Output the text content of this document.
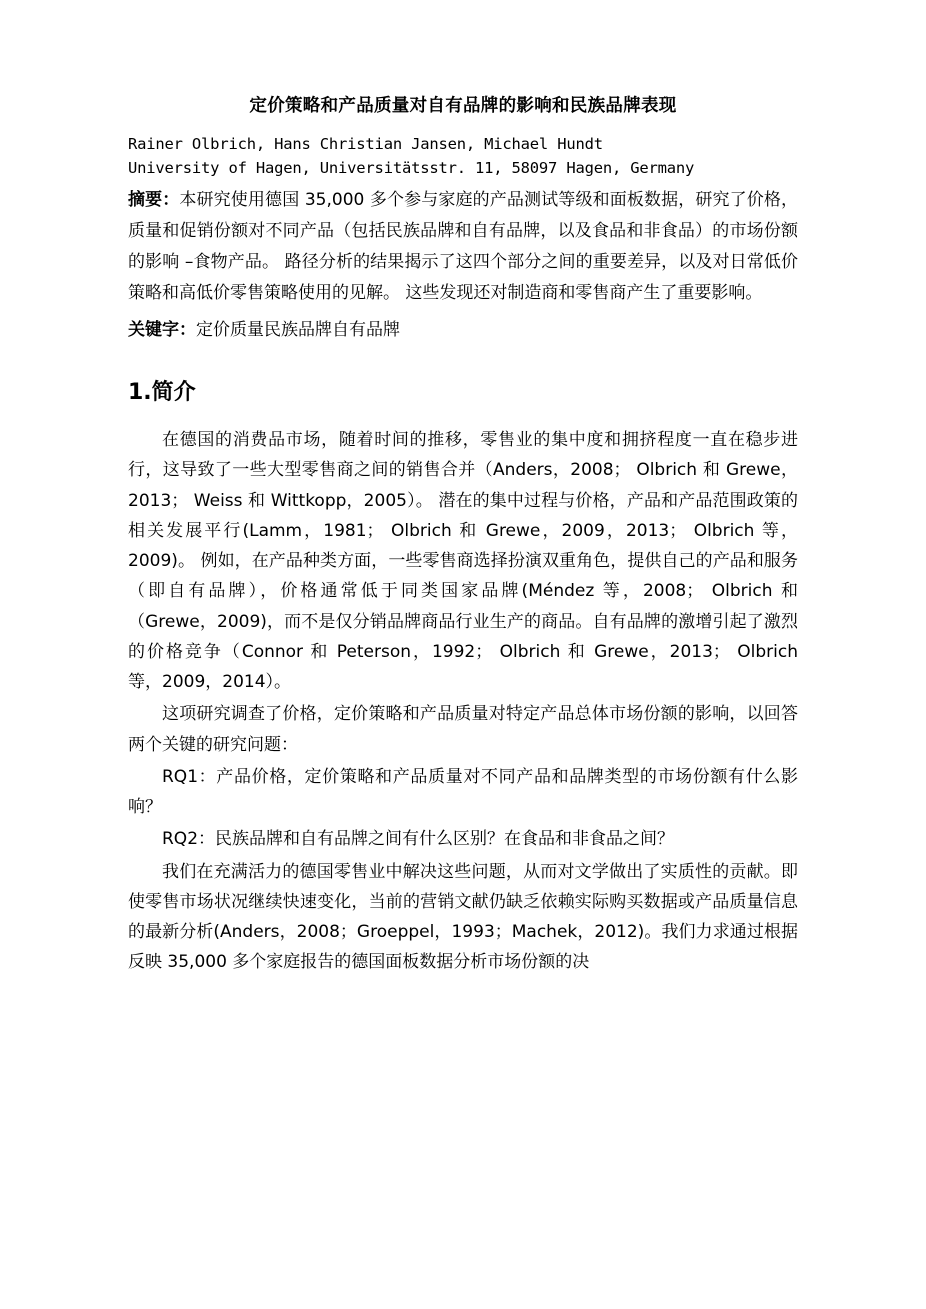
定价策略和产品质量对自有品牌的影响和民族品牌表现
Rainer Olbrich, Hans Christian Jansen, Michael Hundt
University of Hagen, Universitätsstr. 11, 58097 Hagen, Germany
摘要：本研究使用德国 35,000 多个参与家庭的产品测试等级和面板数据，研究了价格，质量和促销份额对不同产品（包括民族品牌和自有品牌，以及食品和非食品）的市场份额的影响 –食物产品。 路径分析的结果揭示了这四个部分之间的重要差异，以及对日常低价策略和高低价零售策略使用的见解。 这些发现还对制造商和零售商产生了重要影响。
关键字：定价质量民族品牌自有品牌
1.简介

在德国的消费品市场，随着时间的推移，零售业的集中度和拥挤程度一直在稳步进行，这导致了一些大型零售商之间的销售合并（Anders，2008； Olbrich 和 Grewe，2013； Weiss 和 Wittkopp，2005）。 潜在的集中过程与价格，产品和产品范围政策的相关发展平行(Lamm，1981； Olbrich 和 Grewe，2009，2013； Olbrich 等，2009)。 例如，在产品种类方面，一些零售商选择扮演双重角色，提供自己的产品和服务（即自有品牌），价格通常低于同类国家品牌(Méndez 等，2008； Olbrich 和 （Grewe，2009)，而不是仅分销品牌商品行业生产的商品。自有品牌的激增引起了激烈的价格竞争（Connor 和 Peterson，1992； Olbrich 和 Grewe，2013； Olbrich 等，2009，2014）。

这项研究调查了价格，定价策略和产品质量对特定产品总体市场份额的影响，以回答两个关键的研究问题：

RQ1：产品价格，定价策略和产品质量对不同产品和品牌类型的市场份额有什么影响？

RQ2：民族品牌和自有品牌之间有什么区别？在食品和非食品之间？

我们在充满活力的德国零售业中解决这些问题，从而对文学做出了实质性的贡献。即使零售市场状况继续快速变化，当前的营销文献仍缺乏依赖实际购买数据或产品质量信息的最新分析(Anders，2008；Groeppel，1993；Machek，2012)。我们力求通过根据反映 35,000 多个家庭报告的德国面板数据分析市场份额的决
